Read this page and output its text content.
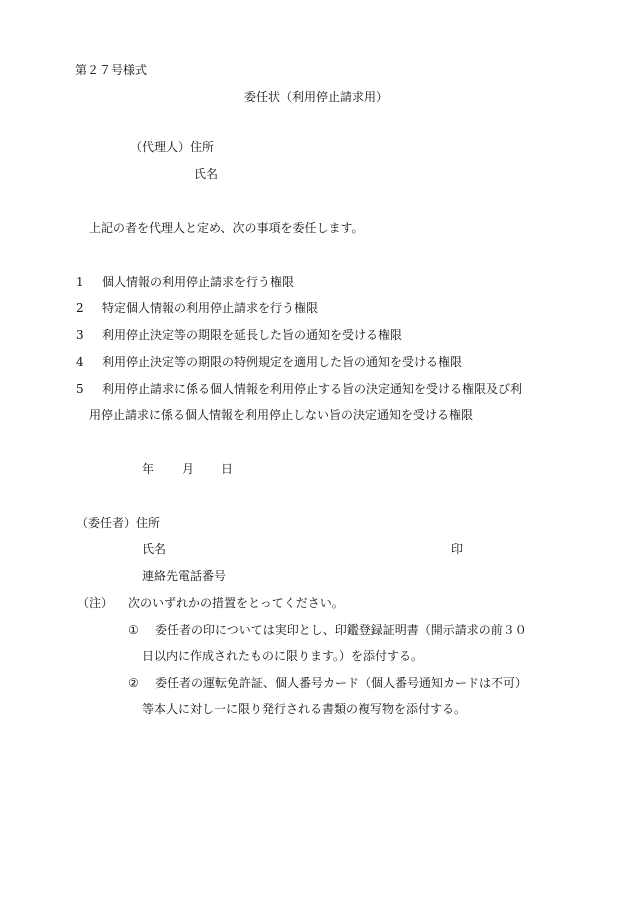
第２７号様式

委任状（利用停止請求用）

（代理人）住所

氏名

上記の者を代理人と定め、次の事項を委任します。

1 個人情報の利用停止請求を行う権限

2 特定個人情報の利用停止請求を行う権限

3 利用停止決定等の期限を延長した旨の通知を受ける権限

4 利用停止決定等の期限の特例規定を適用した旨の通知を受ける権限

5 利用停止請求に係る個人情報を利用停止する旨の決定通知を受ける権限及び利

用停止請求に係る個人情報を利用停止しない旨の決定通知を受ける権限

年 月 日

（委任者）住所

氏名	印

連絡先電話番号

（注） 次のいずれかの措置をとってください。

① 委任者の印については実印とし、印鑑登録証明書（開示請求の前３０

日以内に作成されたものに限ります。）を添付する。

② 委任者の運転免許証、個人番号カード（個人番号通知カードは不可）

等本人に対し一に限り発行される書類の複写物を添付する。
